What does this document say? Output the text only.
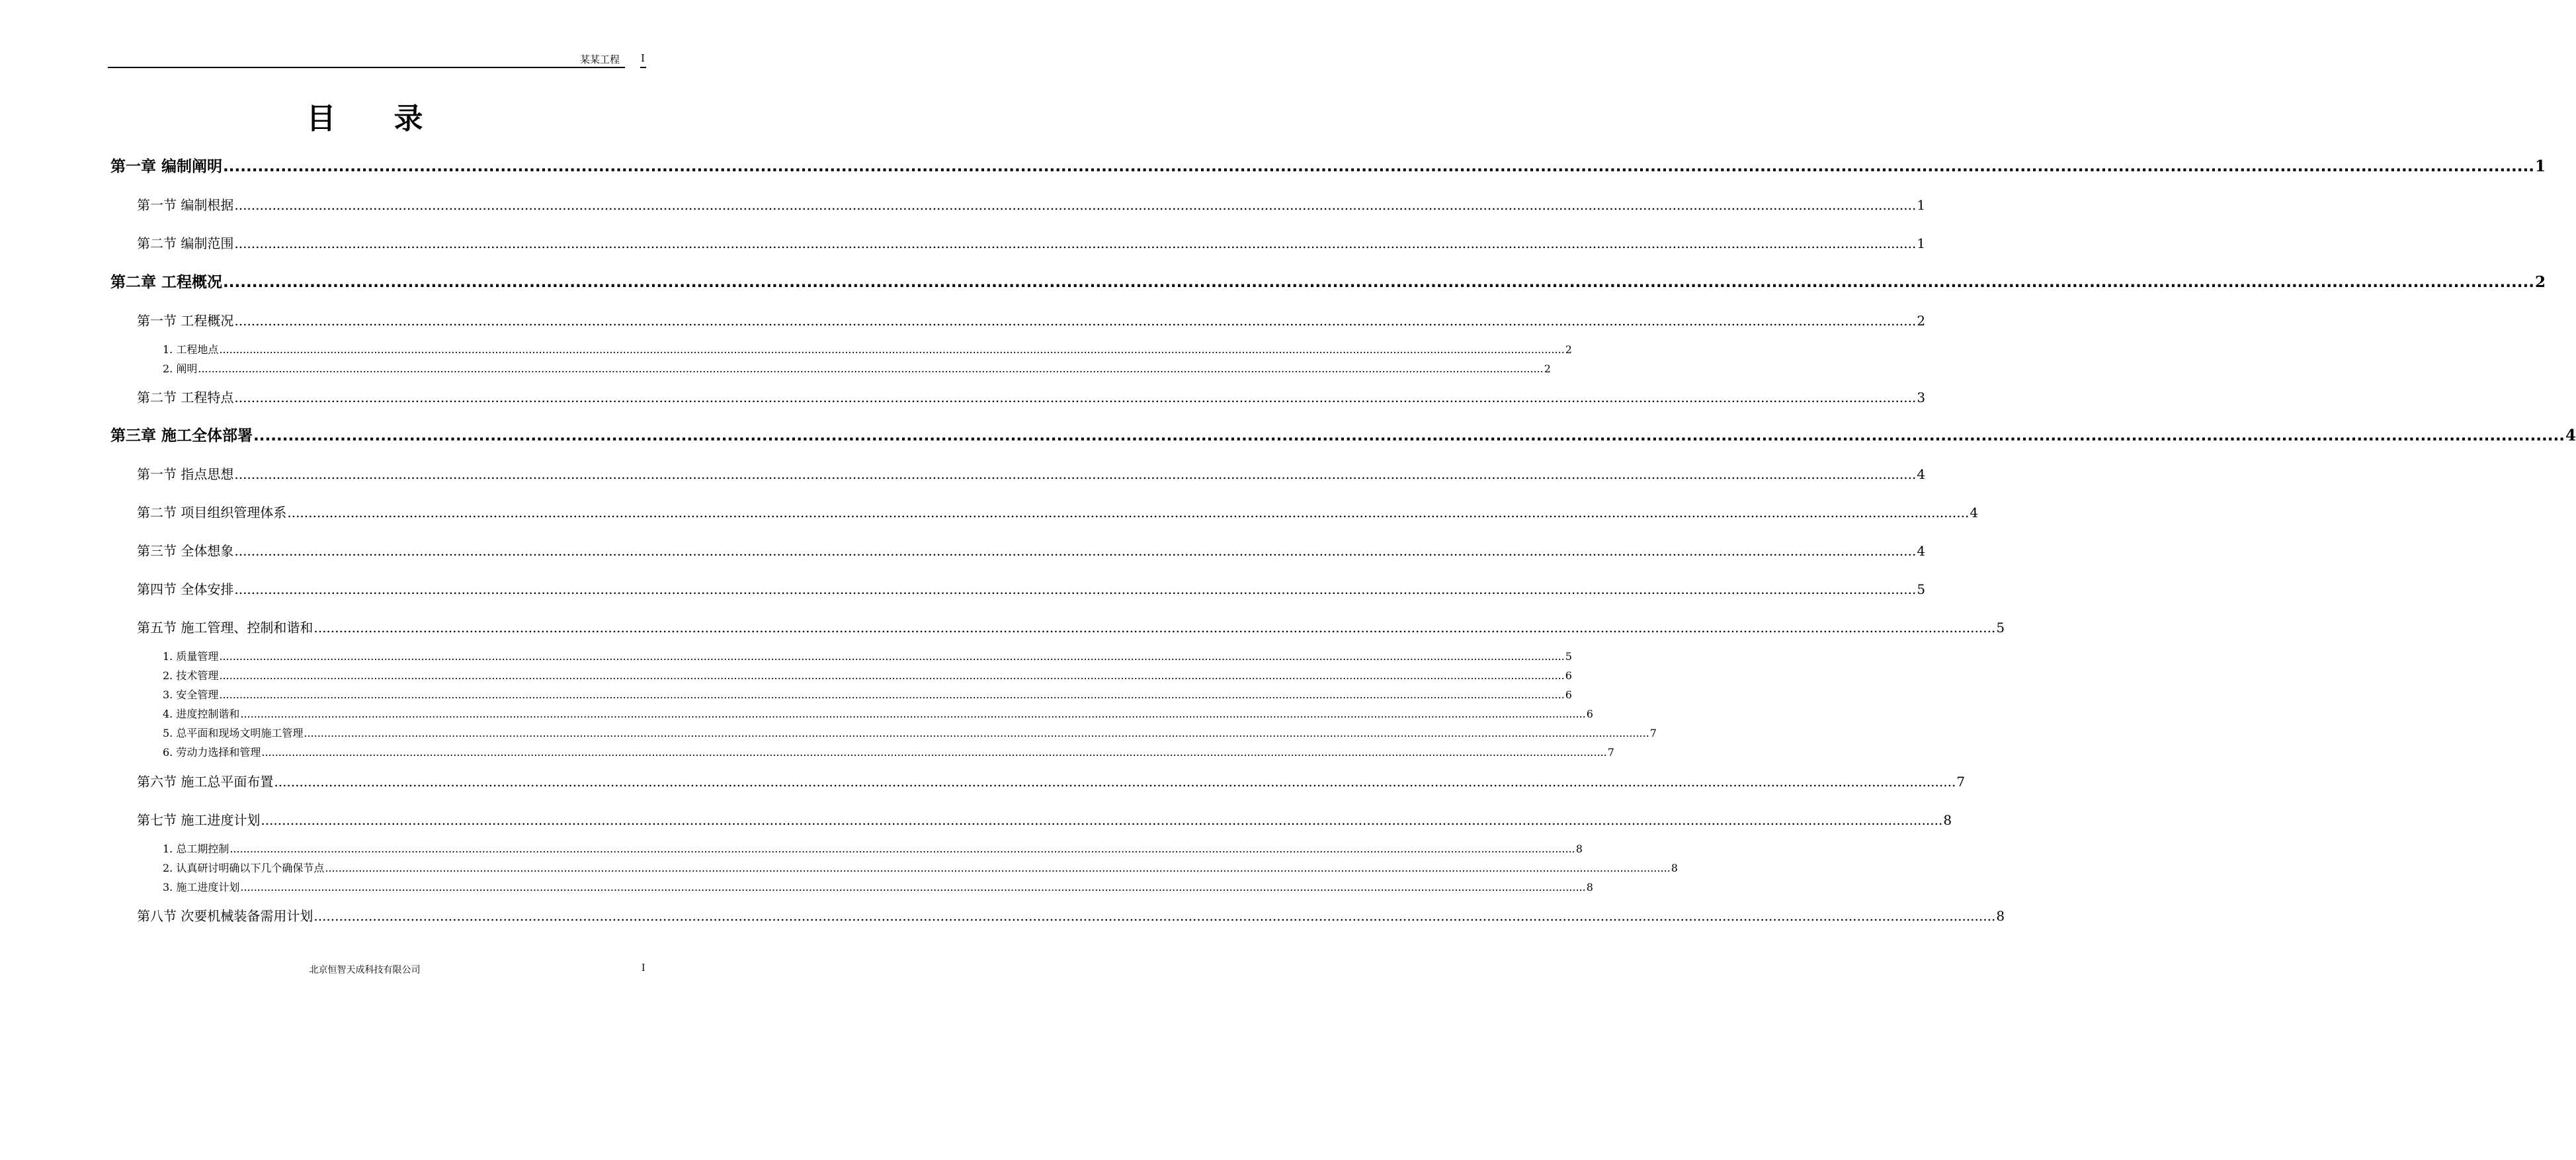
某某工程 I
目录
第一章 编制阐明 ................................................................................................................................................................................................................................................................................................................................................................................................................ 1
第一节 编制根据 ................................................................................................................................................................................................................................................................................................................................................................................................................ 1
第二节 编制范围 ................................................................................................................................................................................................................................................................................................................................................................................................................ 1
第二章 工程概况 ................................................................................................................................................................................................................................................................................................................................................................................................................ 2
第一节 工程概况 ................................................................................................................................................................................................................................................................................................................................................................................................................ 2
1. 工程地点 ................................................................................................................................................................................................................................................................................................................................................................................................................ 2
2. 阐明 ................................................................................................................................................................................................................................................................................................................................................................................................................ 2
第二节 工程特点 ................................................................................................................................................................................................................................................................................................................................................................................................................ 3
第三章 施工全体部署 ................................................................................................................................................................................................................................................................................................................................................................................................................ 4
第一节 指点思想 ................................................................................................................................................................................................................................................................................................................................................................................................................ 4
第二节 项目组织管理体系 ................................................................................................................................................................................................................................................................................................................................................................................................................ 4
第三节 全体想象 ................................................................................................................................................................................................................................................................................................................................................................................................................ 4
第四节 全体安排 ................................................................................................................................................................................................................................................................................................................................................................................................................ 5
第五节 施工管理、控制和谐和 ................................................................................................................................................................................................................................................................................................................................................................................................................ 5
1. 质量管理 ................................................................................................................................................................................................................................................................................................................................................................................................................ 5
2. 技术管理 ................................................................................................................................................................................................................................................................................................................................................................................................................ 6
3. 安全管理 ................................................................................................................................................................................................................................................................................................................................................................................................................ 6
4. 进度控制谐和 ................................................................................................................................................................................................................................................................................................................................................................................................................ 6
5. 总平面和现场文明施工管理 ................................................................................................................................................................................................................................................................................................................................................................................................................ 7
6. 劳动力选择和管理 ................................................................................................................................................................................................................................................................................................................................................................................................................ 7
第六节 施工总平面布置 ................................................................................................................................................................................................................................................................................................................................................................................................................ 7
第七节 施工进度计划 ................................................................................................................................................................................................................................................................................................................................................................................................................ 8
1. 总工期控制 ................................................................................................................................................................................................................................................................................................................................................................................................................ 8
2. 认真研讨明确以下几个确保节点 ................................................................................................................................................................................................................................................................................................................................................................................................................ 8
3. 施工进度计划 ................................................................................................................................................................................................................................................................................................................................................................................................................ 8
第八节 次要机械装备需用计划 ................................................................................................................................................................................................................................................................................................................................................................................................................ 8
北京恒智天成科技有限公司	I
